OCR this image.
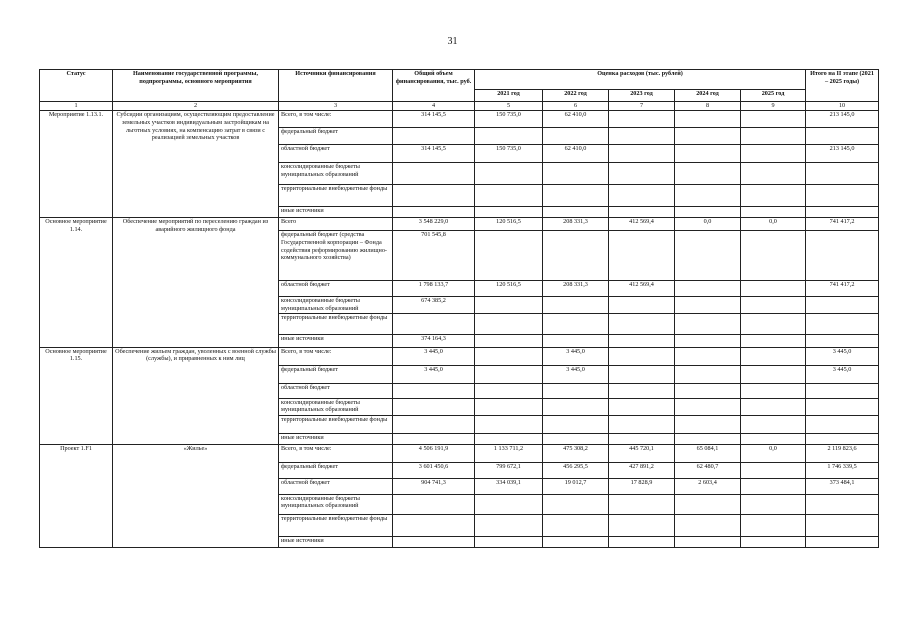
31
Статус	Наименование государственной программы, подпрограммы, основного мероприятия	Источники финансирования	Общий объем финансирования, тыс. руб.	Оценка расходов (тыс. рублей)					Итого на II этапе (2021 – 2025 годы)
				2021 год	2022 год	2023 год	2024 год	2025 год	
1	2	3	4	5	6	7	8	9	10
Мероприятие 1.13.1.	Субсидии организациям, осуществляющим предоставление земельных участков индивидуальным застройщикам на льготных условиях, на компенсацию затрат в связи с реализацией земельных участков	Всего, в том числе:	314 145,5	150 735,0	62 410,0				213 145,0
		федеральный бюджет							
		областной бюджет	314 145,5	150 735,0	62 410,0				213 145,0
		консолидированные бюджеты муниципальных образований							
		территориальные внебюджетные фонды							
		иные источники							
Основное мероприятие 1.14.	Обеспечение мероприятий по переселению граждан из аварийного жилищного фонда	Всего	3 548 229,0	120 516,5	208 331,3	412 569,4	0,0	0,0	741 417,2
		федеральный бюджет (средства Государственной корпорации – Фонда содействия реформированию жилищно-коммунального хозяйства)	701 545,8						
		областной бюджет	1 798 133,7	120 516,5	208 331,3	412 569,4			741 417,2
		консолидированные бюджеты муниципальных образований	674 385,2						
		территориальные внебюджетные фонды							
		иные источники	374 164,3						
Основное мероприятие 1.15.	Обеспечение жильем граждан, уволенных с военной службы (службы), и приравненных к ним лиц	Всего, в том числе:	3 445,0		3 445,0				3 445,0
		федеральный бюджет	3 445,0		3 445,0				3 445,0
		областной бюджет							
		консолидированные бюджеты муниципальных образований							
		территориальные внебюджетные фонды							
		иные источники							
Проект 1.F1	«Жилье»	Всего, в том числе:	4 506 191,9	1 133 711,2	475 308,2	445 720,1	65 084,1	0,0	2 119 823,6
		федеральный бюджет	3 601 450,6	799 672,1	456 295,5	427 891,2	62 480,7		1 746 339,5
		областной бюджет	904 741,3	334 039,1	19 012,7	17 828,9	2 603,4		373 484,1
		консолидированные бюджеты муниципальных образований							
		территориальные внебюджетные фонды							
		иные источники							
